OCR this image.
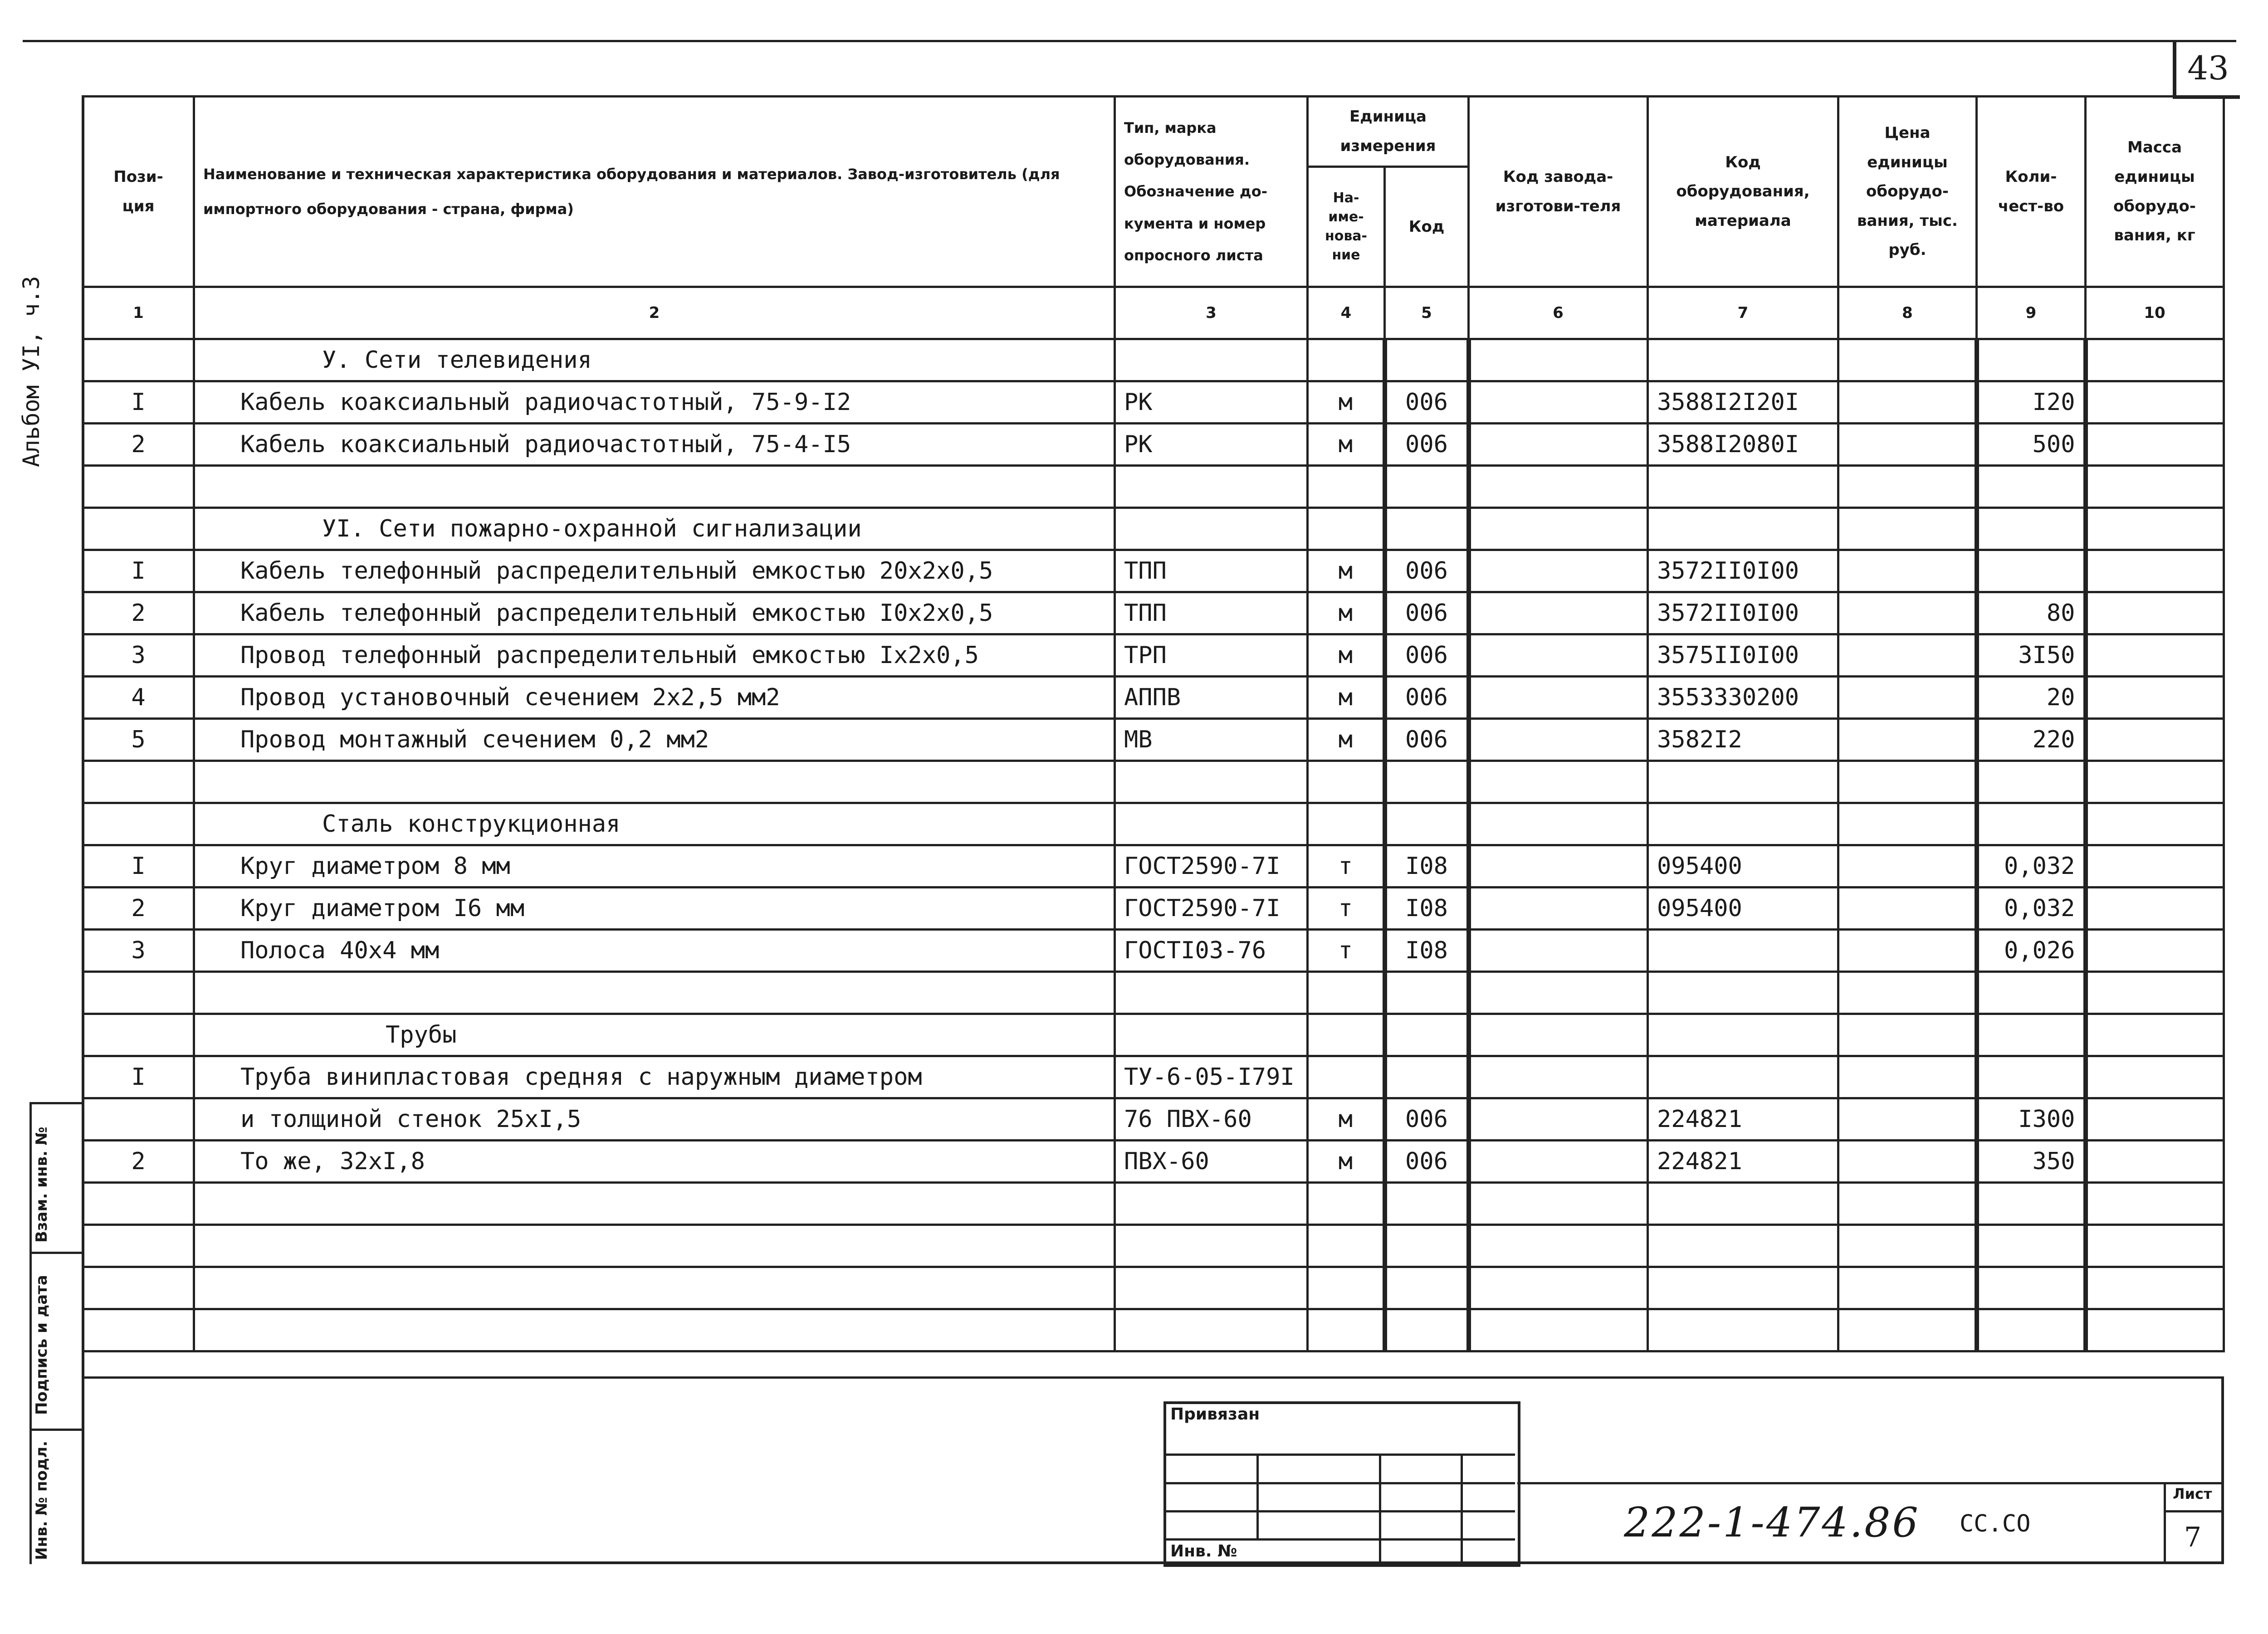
43
Альбом УІ, ч.3
Пози-
ция	Наименование и техническая характеристика оборудования и материалов. Завод-изготовитель (для импортного оборудования - страна, фирма)	Тип, марка оборудования. Обозначение до-кумента и номер опросного листа	Единица измерения		Код завода-изготови-теля	Код оборудования, материала	Цена единицы оборудо-вания, тыс. руб.	Коли-чест-во	Масса единицы оборудо-вания, кг
			На-име-нова-ние	Код					
1	2	3	4	5	6	7	8	9	10
	У. Сети телевидения								
I	Кабель коаксиальный радиочастотный, 75-9-I2	РК	м	006		3588I2I20I		I20	
2	Кабель коаксиальный радиочастотный, 75-4-I5	РК	м	006		3588I2080I		500	

	УІ. Сети пожарно-охранной сигнализации								
I	Кабель телефонный распределительный емкостью 20х2х0,5	ТПП	м	006		3572II0I00			
2	Кабель телефонный распределительный емкостью I0х2х0,5	ТПП	м	006		3572II0I00		80	
3	Провод телефонный распределительный емкостью Iх2х0,5	ТРП	м	006		3575II0I00		3I50	
4	Провод установочный сечением 2х2,5 мм2	АППВ	м	006		3553330200		20	
5	Провод монтажный сечением 0,2 мм2	МВ	м	006		3582I2		220	

	Сталь конструкционная								
I	Круг диаметром 8 мм	ГОСТ2590-7I	т	I08		095400		0,032	
2	Круг диаметром I6 мм	ГОСТ2590-7I	т	I08		095400		0,032	
3	Полоса 40х4 мм	ГОСТI03-76	т	I08				0,026	

	Трубы								
I	Труба винипластовая средняя с наружным диаметром	ТУ-6-05-I79I							
	и толщиной стенок 25хI,5	76 ПВХ-60	м	006		224821		I300	
2	То же, 32хI,8	ПВХ-60	м	006		224821		350	

Привязан
Инв. №
222-1-474.86 СС.СО
Лист
7
Взам. инв. №
Подпись и дата
Инв. № подл.
